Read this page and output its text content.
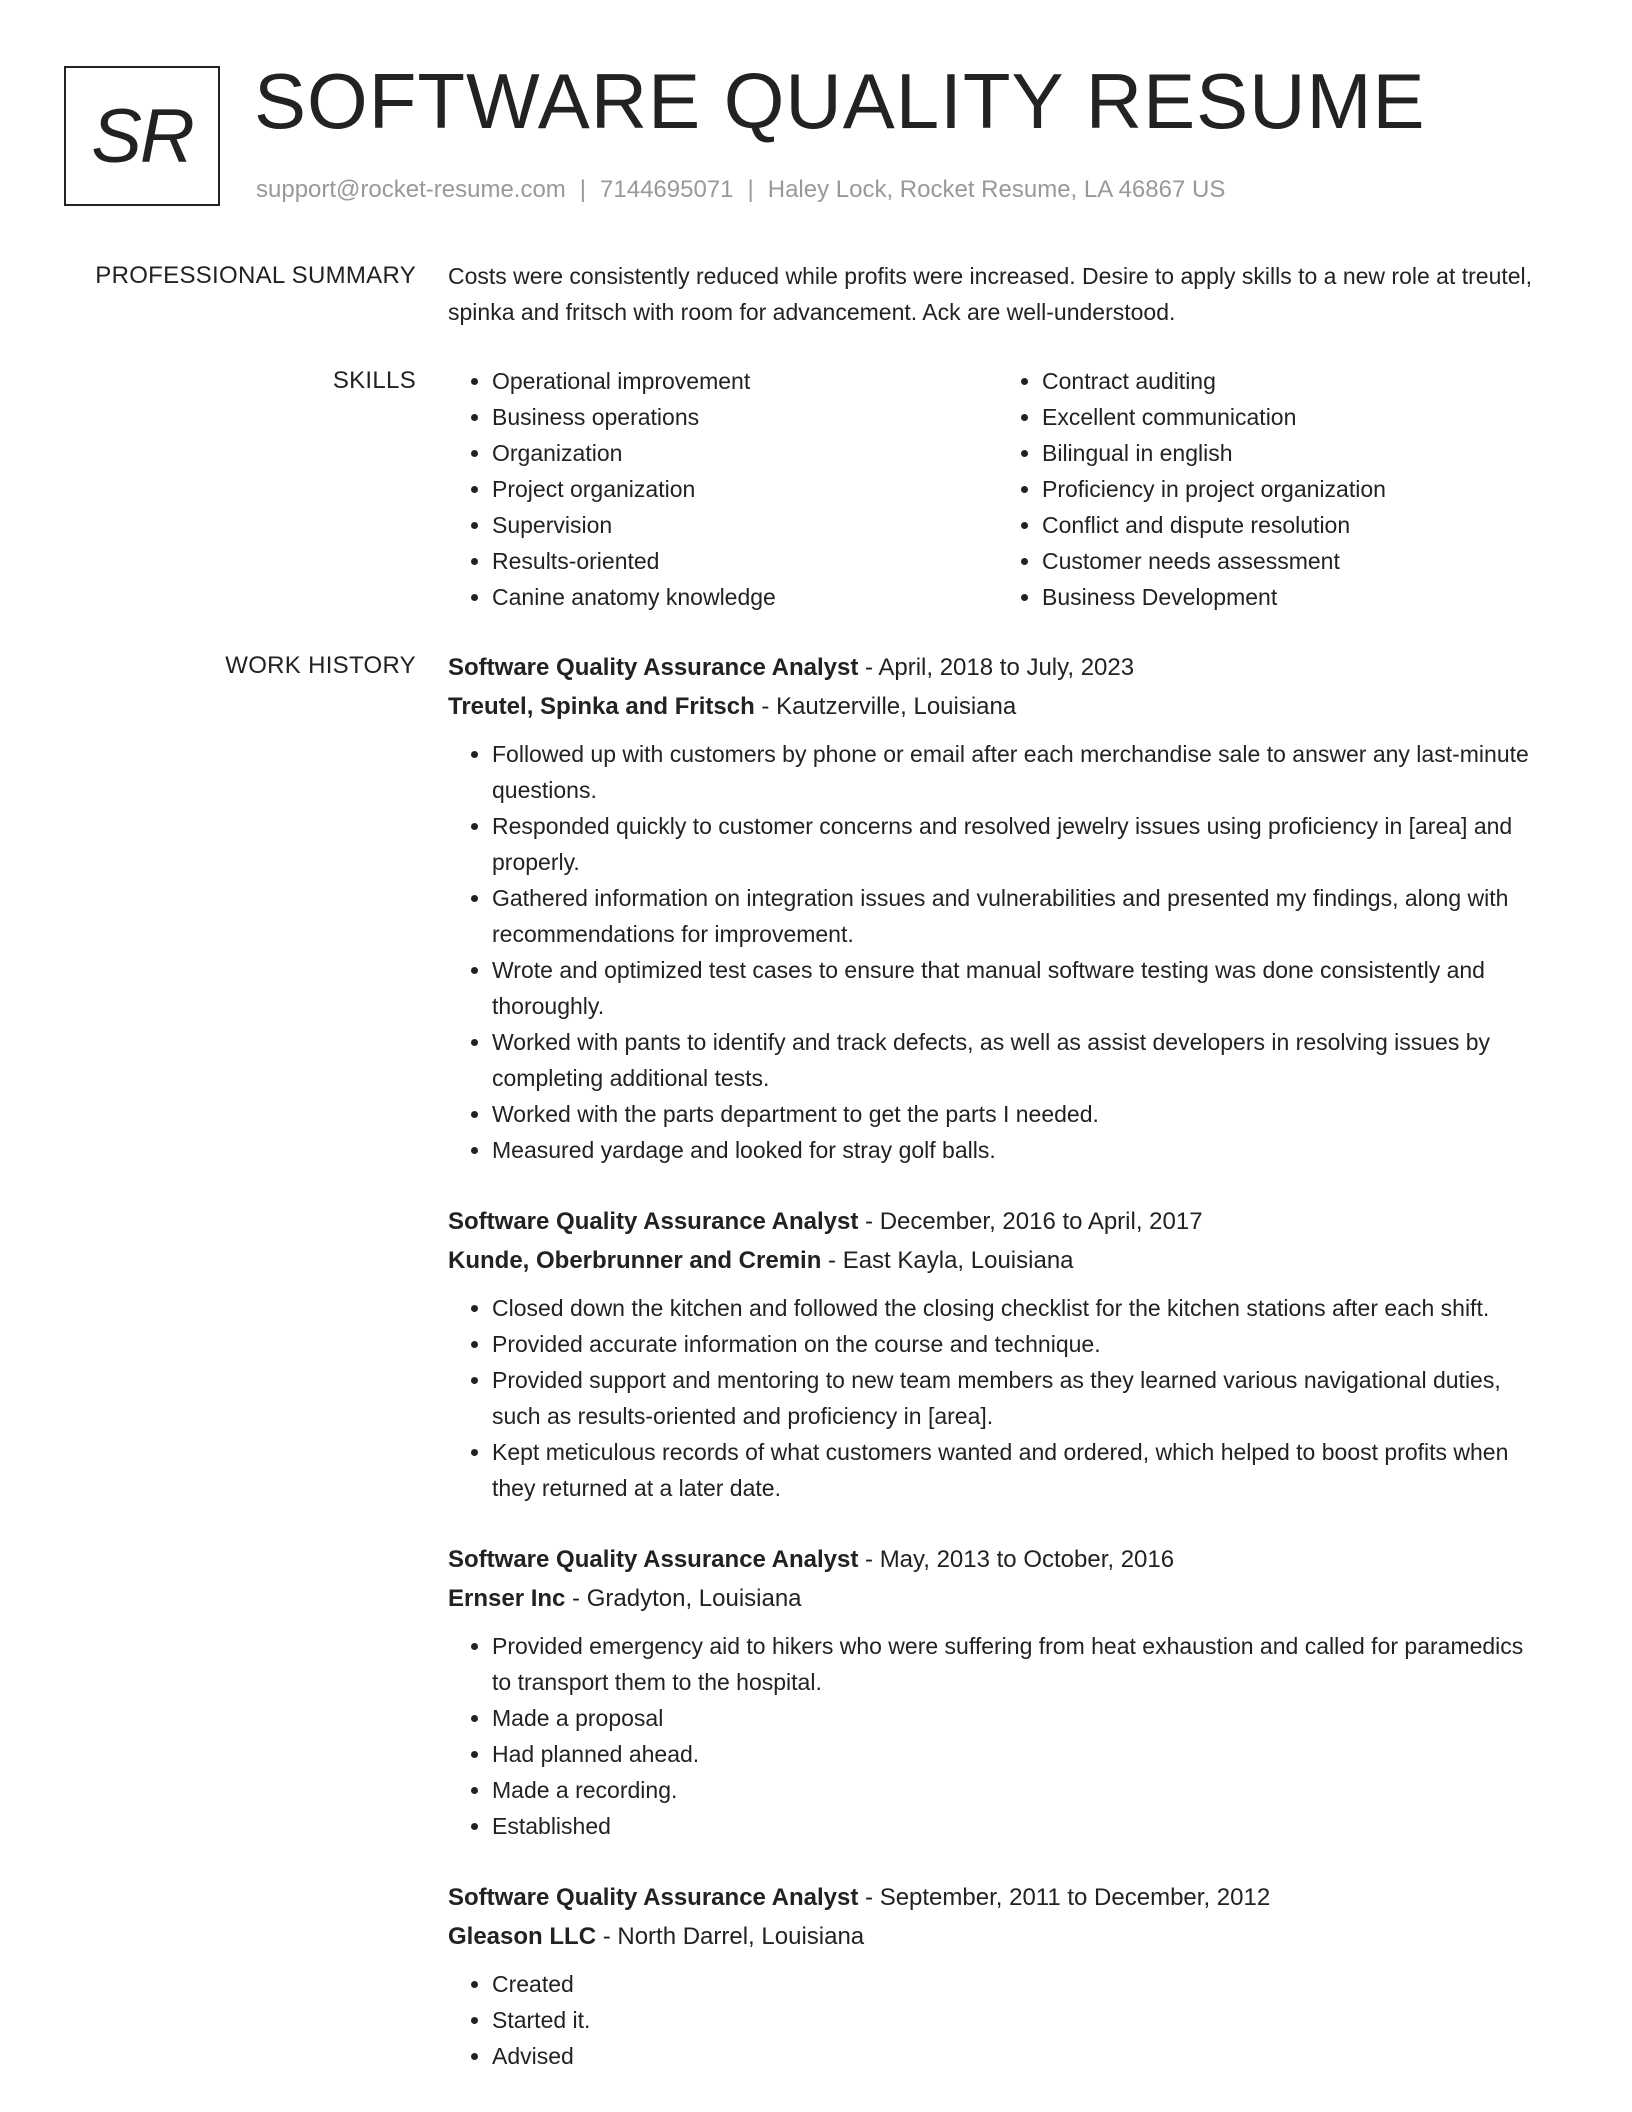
SR SOFTWARE QUALITY RESUME
support@rocket-resume.com | 7144695071 | Haley Lock, Rocket Resume, LA 46867 US
PROFESSIONAL SUMMARY Costs were consistently reduced while profits were increased. Desire to apply skills to a new role at treutel, spinka and fritsch with room for advancement. Ack are well-understood.

SKILLS
•	Operational improvement
• Business operations
• Organization
• Project organization
• Supervision
• Results-oriented
• Canine anatomy knowledge
• Contract auditing
• Excellent communication
• Bilingual in english
• Proficiency in project organization
• Conflict and dispute resolution
• Customer needs assessment
• Business Development
WORK HISTORY Software Quality Assurance Analyst - April, 2018 to July, 2023
Treutel, Spinka and Fritsch - Kautzerville, Louisiana
• Followed up with customers by phone or email after each merchandise sale to answer any last-minute questions.
• Responded quickly to customer concerns and resolved jewelry issues using proficiency in [area] and properly.
• Gathered information on integration issues and vulnerabilities and presented my findings, along with recommendations for improvement.
• Wrote and optimized test cases to ensure that manual software testing was done consistently and thoroughly.
• Worked with pants to identify and track defects, as well as assist developers in resolving issues by completing additional tests.
• Worked with the parts department to get the parts I needed.
• Measured yardage and looked for stray golf balls.
Software Quality Assurance Analyst - December, 2016 to April, 2017
Kunde, Oberbrunner and Cremin - East Kayla, Louisiana
• Closed down the kitchen and followed the closing checklist for the kitchen stations after each shift.
• Provided accurate information on the course and technique.
• Provided support and mentoring to new team members as they learned various navigational duties, such as results-oriented and proficiency in [area].
• Kept meticulous records of what customers wanted and ordered, which helped to boost profits when they returned at a later date.
Software Quality Assurance Analyst - May, 2013 to October, 2016
Ernser Inc - Gradyton, Louisiana
• Provided emergency aid to hikers who were suffering from heat exhaustion and called for paramedics to transport them to the hospital.
• Made a proposal
• Had planned ahead.
• Made a recording.
• Established
Software Quality Assurance Analyst - September, 2011 to December, 2012
Gleason LLC - North Darrel, Louisiana
• Created
• Started it.
• Advised
